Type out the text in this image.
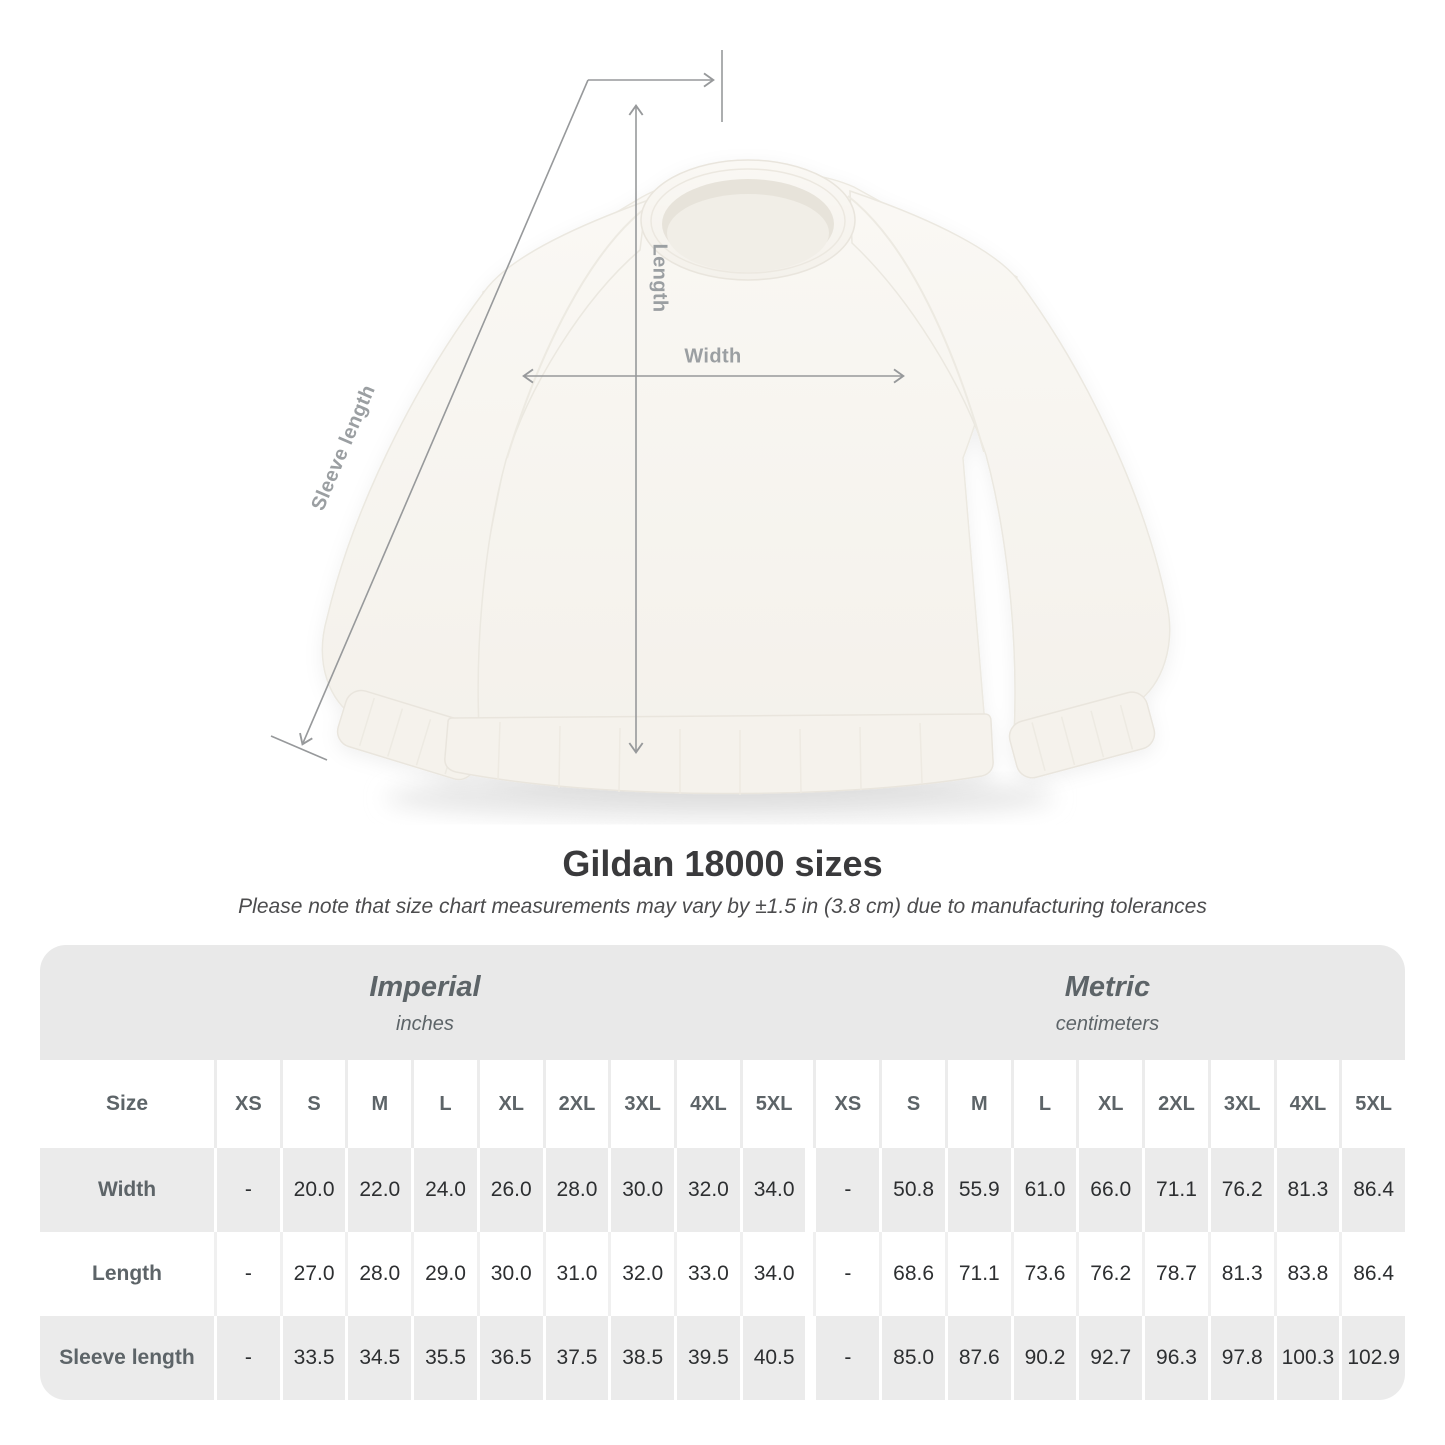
Width
Length
Sleeve length
Gildan 18000 sizes

Please note that size chart measurements may vary by ±1.5 in (3.8 cm) due to manufacturing tolerances

Imperial
inches
Metric
centimeters
Size	XS	S	M	L	XL	2XL	3XL	4XL	5XL	XS	S	M	L	XL	2XL	3XL	4XL	5XL
Width	-	20.0	22.0	24.0	26.0	28.0	30.0	32.0	34.0	-	50.8	55.9	61.0	66.0	71.1	76.2	81.3	86.4
Length	-	27.0	28.0	29.0	30.0	31.0	32.0	33.0	34.0	-	68.6	71.1	73.6	76.2	78.7	81.3	83.8	86.4
Sleeve length	-	33.5	34.5	35.5	36.5	37.5	38.5	39.5	40.5	-	85.0	87.6	90.2	92.7	96.3	97.8 100.3 102.9
